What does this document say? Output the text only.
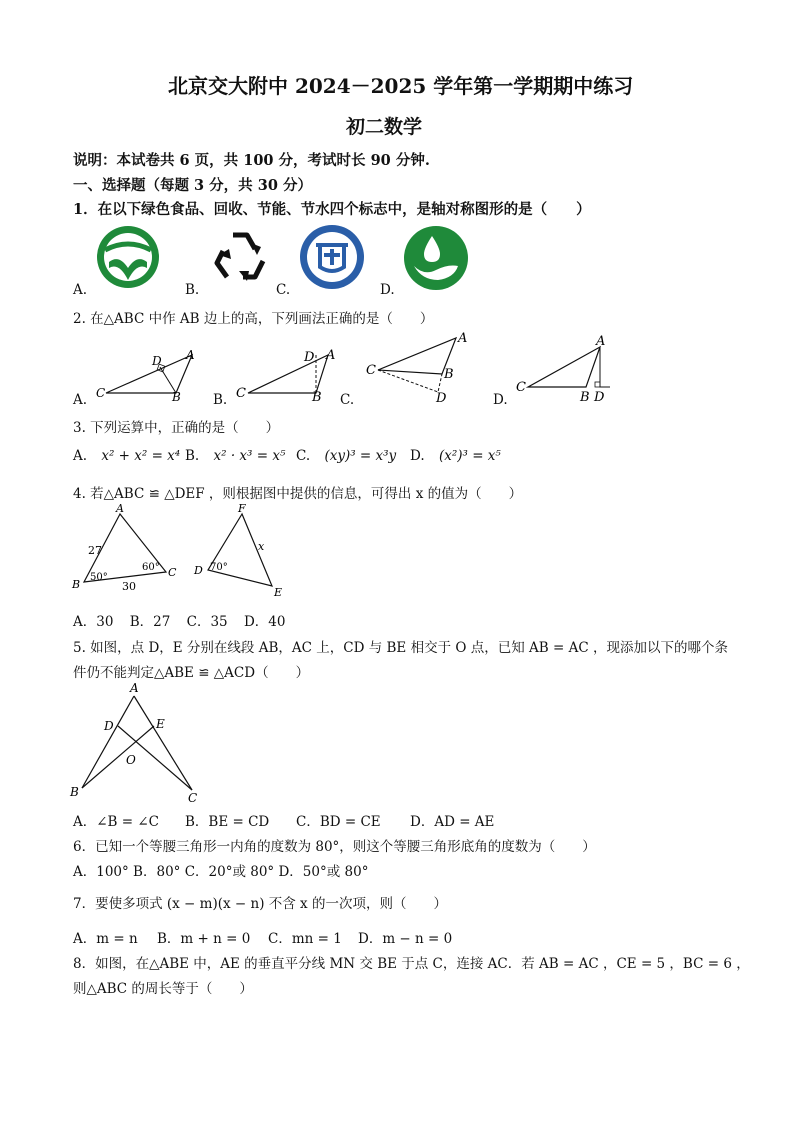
北京交大附中 2024－2025 学年第一学期期中练习
初二数学
说明：本试卷共 6 页，共 100 分，考试时长 90 分钟.
一、选择题（每题 3 分，共 30 分）
1．在以下绿色食品、回收、节能、节水四个标志中，是轴对称图形的是（　　）
A.	B.	C.	D.
2. 在△ABC 中作 AB 边上的高，下列画法正确的是（　　）
C
D A
B	C
D A
B
C
A
B
D
C
A
B D
A.	B.	C.	D.
3. 下列运算中，正确的是（　　）
A. x² + x² = x⁴ B. x² · x³ = x⁵ C. (xy)³ = x³y D. (x²)³ = x⁵
4. 若△ABC ≌ △DEF ，则根据图中提供的信息，可得出 x 的值为（　　）
A
B
C
27
30
50°
60°
F
D
E
x
70°
A．30 B．27 C．35 D．40
5. 如图，点 D，E 分别在线段 AB，AC 上，CD 与 BE 相交于 O 点，已知 AB = AC ，现添加以下的哪个条
件仍不能判定△ABE ≌ △ACD（　　）
A
D	E
O
B	C
A．∠B = ∠C B．BE = CD C．BD = CE D．AD = AE
6．已知一个等腰三角形一内角的度数为 80°，则这个等腰三角形底角的度数为（　　）
A．100° B．80° C．20°或 80° D．50°或 80°
7．要使多项式 (x − m)(x − n) 不含 x 的一次项，则（　　）
A．m = n B．m + n = 0 C．mn = 1 D．m − n = 0
8．如图，在△ABE 中，AE 的垂直平分线 MN 交 BE 于点 C，连接 AC．若 AB = AC ，CE = 5 ，BC = 6 ，
则△ABC 的周长等于（　　）
